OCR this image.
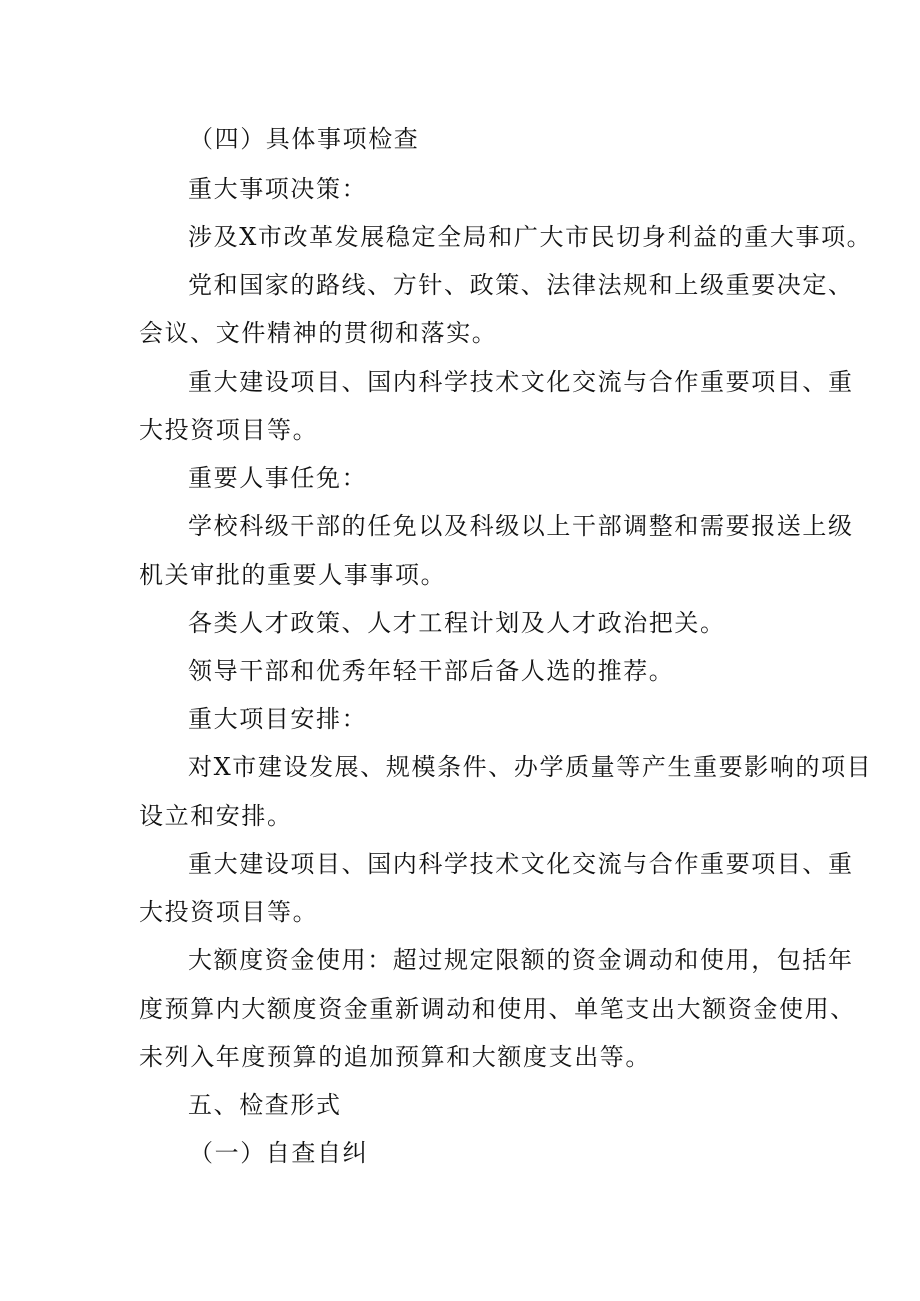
（四）具体事项检查
重大事项决策：
涉及X市改革发展稳定全局和广大市民切身利益的重大事项。
党和国家的路线、方针、政策、法律法规和上级重要决定、
会议、文件精神的贯彻和落实。
重大建设项目、国内科学技术文化交流与合作重要项目、重
大投资项目等。
重要人事任免：
学校科级干部的任免以及科级以上干部调整和需要报送上级
机关审批的重要人事事项。
各类人才政策、人才工程计划及人才政治把关。
领导干部和优秀年轻干部后备人选的推荐。
重大项目安排：
对X市建设发展、规模条件、办学质量等产生重要影响的项目
设立和安排。
重大建设项目、国内科学技术文化交流与合作重要项目、重
大投资项目等。
大额度资金使用：超过规定限额的资金调动和使用，包括年
度预算内大额度资金重新调动和使用、单笔支出大额资金使用、
未列入年度预算的追加预算和大额度支出等。
五、检查形式
（一）自查自纠
